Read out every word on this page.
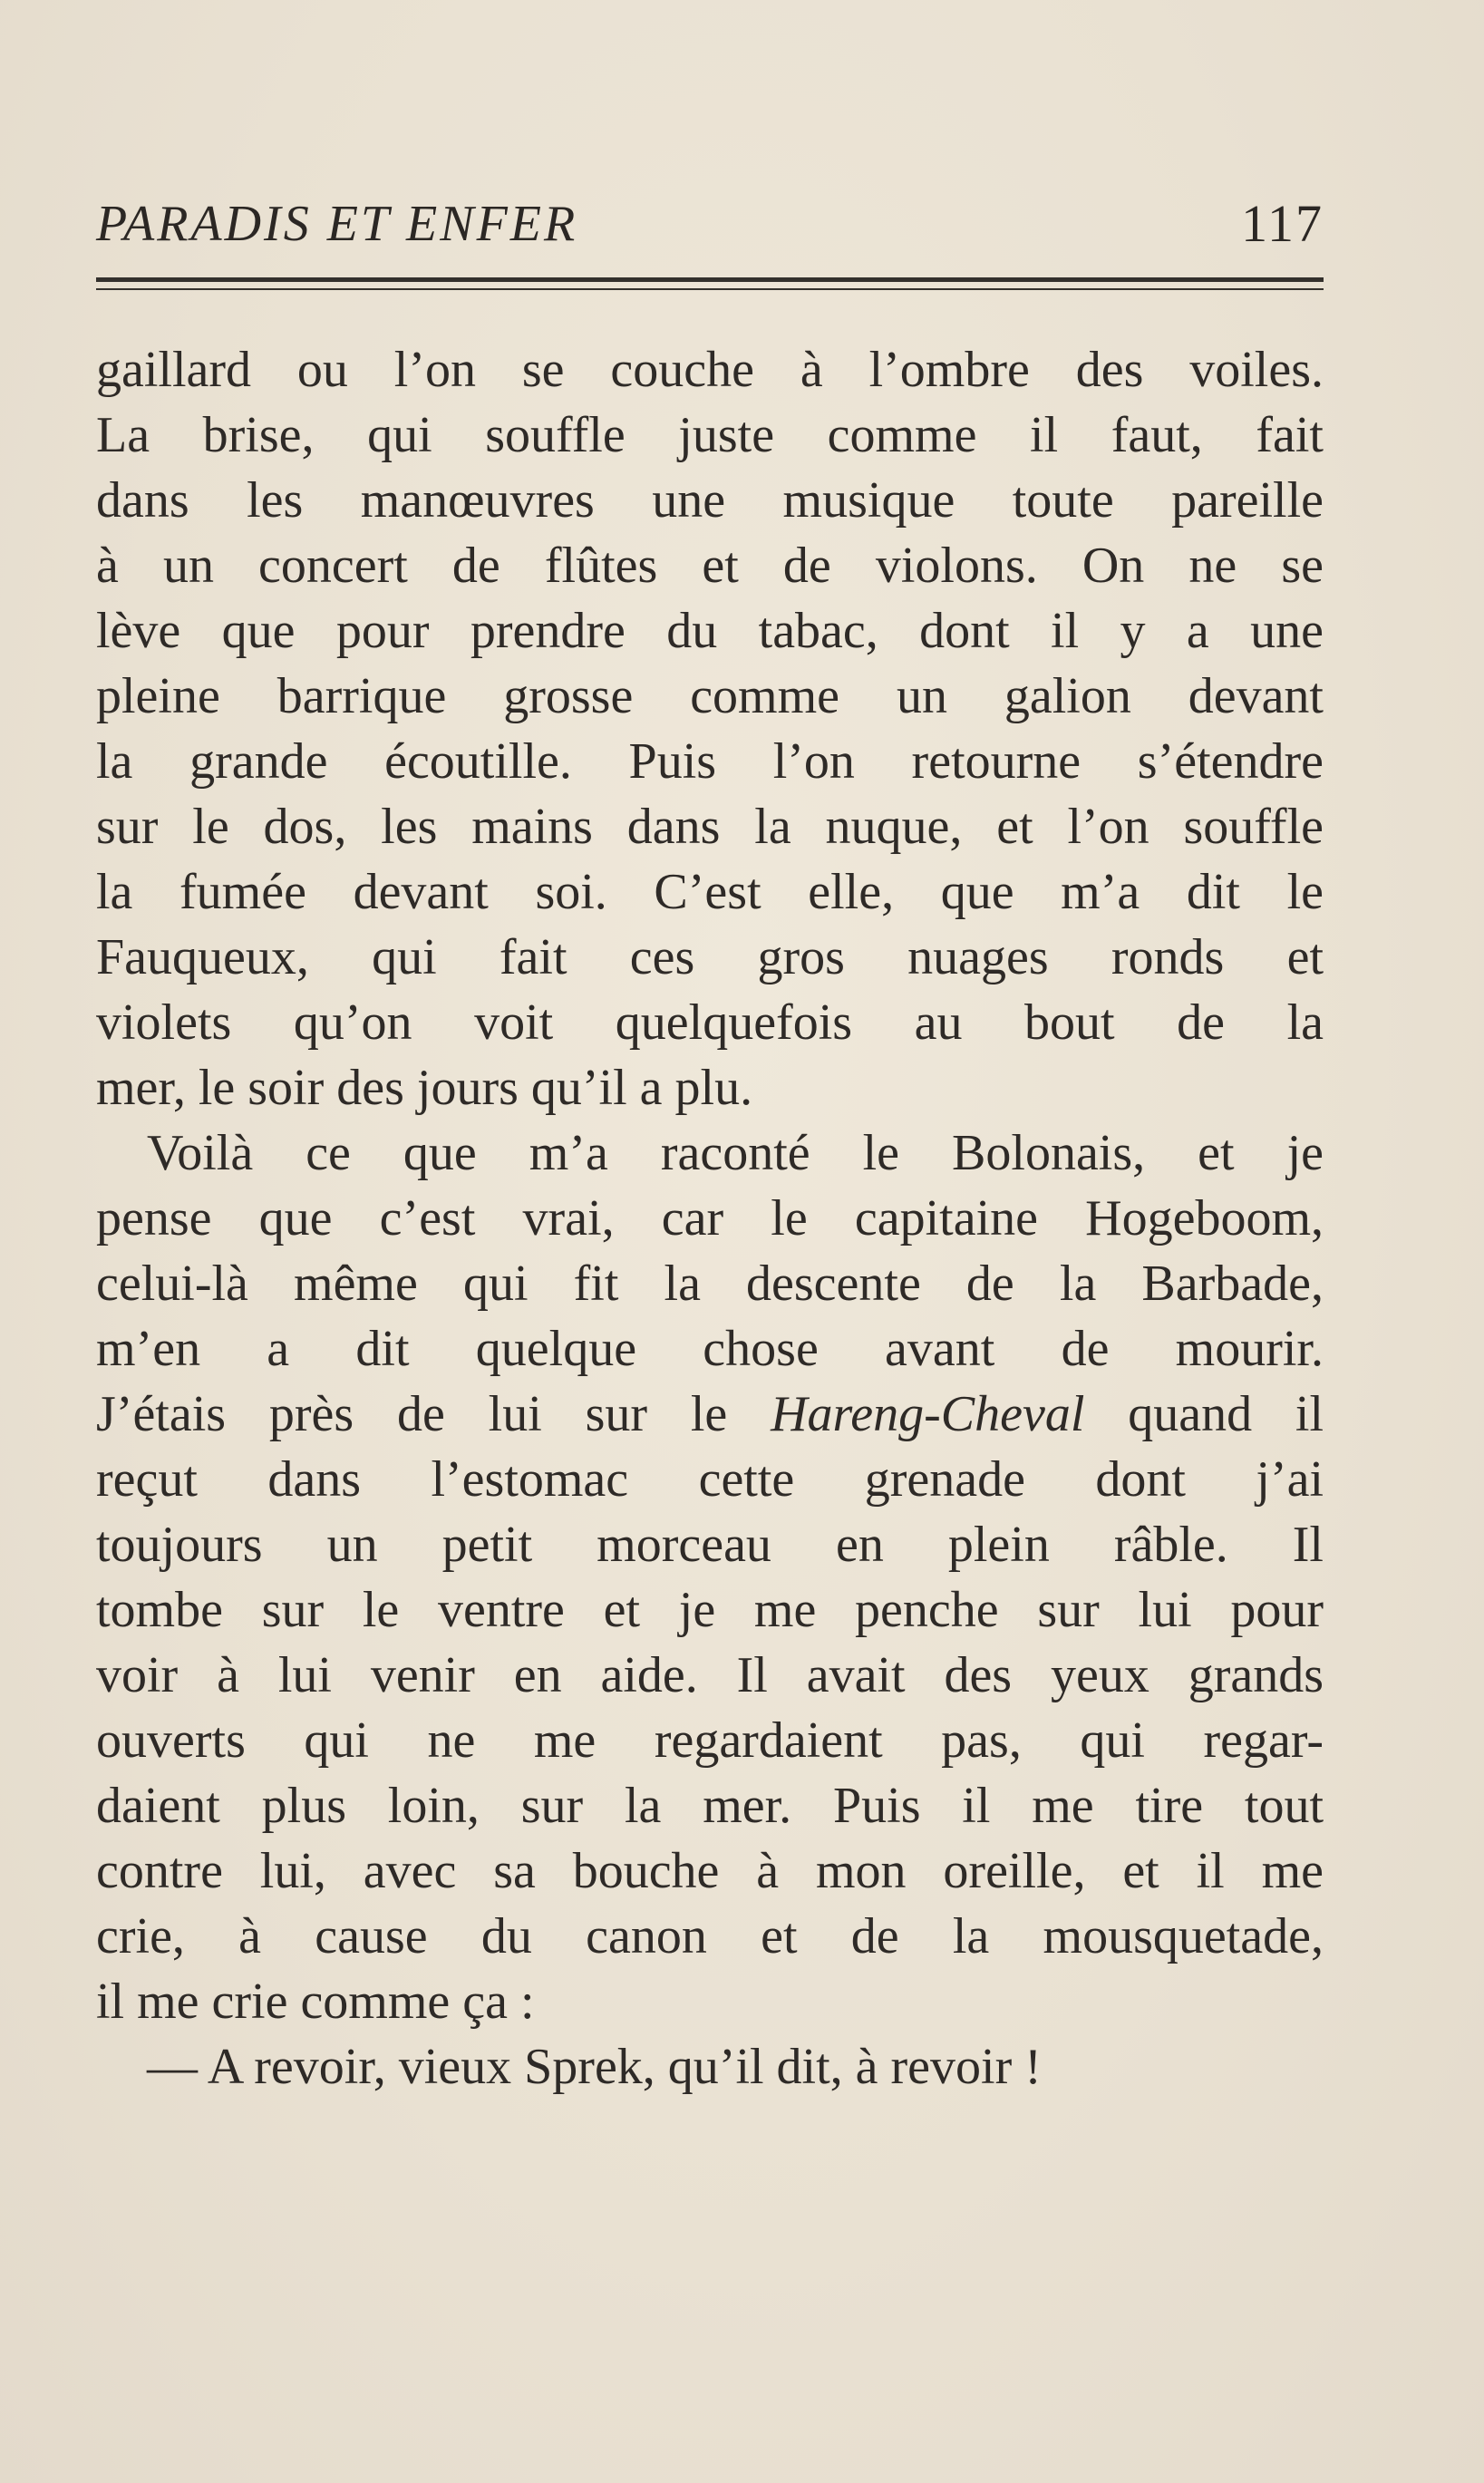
PARADIS ET ENFER	117
gaillard ou l’on se couche à l’ombre des voiles.
La brise, qui souffle juste comme il faut, fait
dans les manœuvres une musique toute pareille
à un concert de flûtes et de violons. On ne se
lève que pour prendre du tabac, dont il y a une
pleine barrique grosse comme un galion devant
la grande écoutille. Puis l’on retourne s’étendre
sur le dos, les mains dans la nuque, et l’on souffle
la fumée devant soi. C’est elle, que m’a dit le
Fauqueux, qui fait ces gros nuages ronds et
violets qu’on voit quelquefois au bout de la
mer, le soir des jours qu’il a plu.
Voilà ce que m’a raconté le Bolonais, et je
pense que c’est vrai, car le capitaine Hogeboom,
celui-là même qui fit la descente de la Barbade,
m’en a dit quelque chose avant de mourir.
J’étais près de lui sur le Hareng-Cheval quand il
reçut dans l’estomac cette grenade dont j’ai
toujours un petit morceau en plein râble. Il
tombe sur le ventre et je me penche sur lui pour
voir à lui venir en aide. Il avait des yeux grands
ouverts qui ne me regardaient pas, qui regar-
daient plus loin, sur la mer. Puis il me tire tout
contre lui, avec sa bouche à mon oreille, et il me
crie, à cause du canon et de la mousquetade,
il me crie comme ça :
— A revoir, vieux Sprek, qu’il dit, à revoir !
